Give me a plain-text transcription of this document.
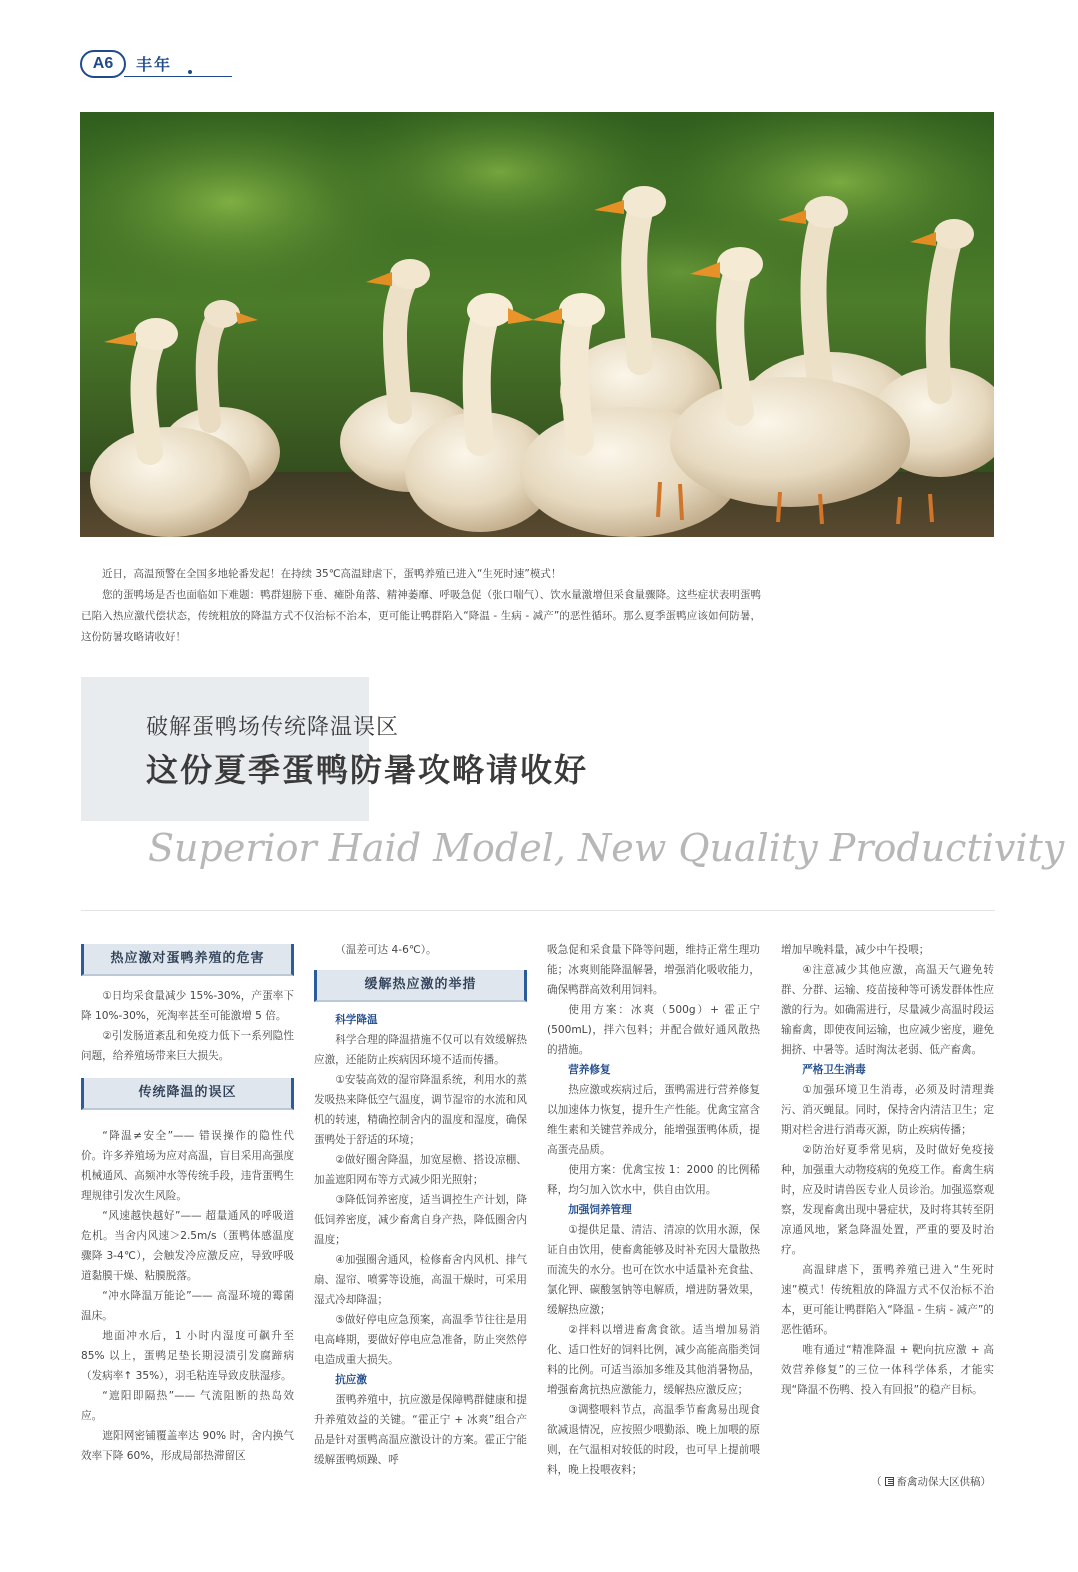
A6	丰年

近日，高温预警在全国多地轮番发起！在持续 35℃高温肆虐下，蛋鸭养殖已进入“生死时速”模式！

您的蛋鸭场是否也面临如下难题：鸭群翅膀下垂、瘫卧角落、精神萎靡、呼吸急促（张口喘气）、饮水量激增但采食量骤降。这些症状表明蛋鸭已陷入热应激代偿状态，传统粗放的降温方式不仅治标不治本，更可能让鸭群陷入“降温 - 生病 - 减产”的恶性循环。那么夏季蛋鸭应该如何防暑，这份防暑攻略请收好！

破解蛋鸭场传统降温误区
这份夏季蛋鸭防暑攻略请收好
Superior Haid Model, New Quality Productivity
热应激对蛋鸭养殖的危害

①日均采食量减少 15%-30%，产蛋率下降 10%-30%，死淘率甚至可能激增 5 倍。

②引发肠道紊乱和免疫力低下一系列隐性问题，给养殖场带来巨大损失。

传统降温的误区

“降温≠安全”—— 错误操作的隐性代价。许多养殖场为应对高温，盲目采用高强度机械通风、高频冲水等传统手段，违背蛋鸭生理规律引发次生风险。

“风速越快越好”—— 超量通风的呼吸道危机。当舍内风速＞2.5m/s（蛋鸭体感温度骤降 3-4℃），会触发冷应激反应，导致呼吸道黏膜干燥、粘膜脱落。

“冲水降温万能论”—— 高湿环境的霉菌温床。

地面冲水后，1 小时内湿度可飙升至 85% 以上，蛋鸭足垫长期浸渍引发腐蹄病（发病率↑ 35%），羽毛粘连导致皮肤湿疹。

“遮阳即隔热”—— 气流阻断的热岛效应。

遮阳网密铺覆盖率达 90% 时，舍内换气效率下降 60%，形成局部热滞留区

（温差可达 4-6℃）。

缓解热应激的举措

科学降温

科学合理的降温措施不仅可以有效缓解热应激，还能防止疾病因环境不适而传播。

①安装高效的湿帘降温系统，利用水的蒸发吸热来降低空气温度，调节湿帘的水流和风机的转速，精确控制舍内的温度和湿度，确保蛋鸭处于舒适的环境；

②做好圈舍降温，加宽屋檐、搭设凉棚、加盖遮阳网布等方式减少阳光照射；

③降低饲养密度，适当调控生产计划，降低饲养密度，减少畜禽自身产热，降低圈舍内温度；

④加强圈舍通风，检修畜舍内风机、排气扇、湿帘、喷雾等设施，高温干燥时，可采用湿式冷却降温；

⑤做好停电应急预案，高温季节往往是用电高峰期，要做好停电应急准备，防止突然停电造成重大损失。

抗应激

蛋鸭养殖中，抗应激是保障鸭群健康和提升养殖效益的关键。“霍正宁 + 冰爽”组合产品是针对蛋鸭高温应激设计的方案。霍正宁能缓解蛋鸭烦躁、呼

吸急促和采食量下降等问题，维持正常生理功能；冰爽则能降温解暑，增强消化吸收能力，确保鸭群高效利用饲料。

使用方案：冰爽（500g）+ 霍正宁(500mL)，拌六包料；并配合做好通风散热的措施。

营养修复

热应激或疾病过后，蛋鸭需进行营养修复以加速体力恢复，提升生产性能。优禽宝富含维生素和关键营养成分，能增强蛋鸭体质，提高蛋壳品质。

使用方案：优禽宝按 1：2000 的比例稀释，均匀加入饮水中，供自由饮用。

加强饲养管理

①提供足量、清洁、清凉的饮用水源，保证自由饮用，使畜禽能够及时补充因大量散热而流失的水分。也可在饮水中适量补充食盐、氯化钾、碳酸氢钠等电解质，增进防暑效果，缓解热应激；

②拌料以增进畜禽食欲。适当增加易消化、适口性好的饲料比例，减少高能高脂类饲料的比例。可适当添加多维及其他消暑物品，增强畜禽抗热应激能力，缓解热应激反应；

③调整喂料节点，高温季节畜禽易出现食欲减退情况，应按照少喂勤添、晚上加喂的原则，在气温相对较低的时段，也可早上提前喂料，晚上投喂夜料；

增加早晚料量，减少中午投喂；

④注意减少其他应激，高温天气避免转群、分群、运输、疫苗接种等可诱发群体性应激的行为。如确需进行，尽量减少高温时段运输畜禽，即使夜间运输，也应减少密度，避免拥挤、中暑等。适时淘汰老弱、低产畜禽。

严格卫生消毒

①加强环境卫生消毒，必须及时清理粪污、消灭蝇鼠。同时，保持舍内清洁卫生；定期对栏舍进行消毒灭源，防止疾病传播；

②防治好夏季常见病，及时做好免疫接种，加强重大动物疫病的免疫工作。畜禽生病时，应及时请兽医专业人员诊治。加强巡察观察，发现畜禽出现中暑症状，及时将其转至阴凉通风地，紧急降温处置，严重的要及时治疗。

高温肆虐下，蛋鸭养殖已进入“生死时速”模式！传统粗放的降温方式不仅治标不治本，更可能让鸭群陷入“降温 - 生病 - 减产”的恶性循环。

唯有通过“精准降温 + 靶向抗应激 + 高效营养修复”的三位一体科学体系，才能实现“降温不伤鸭、投入有回报”的稳产目标。

（ 畜禽动保大区供稿）
